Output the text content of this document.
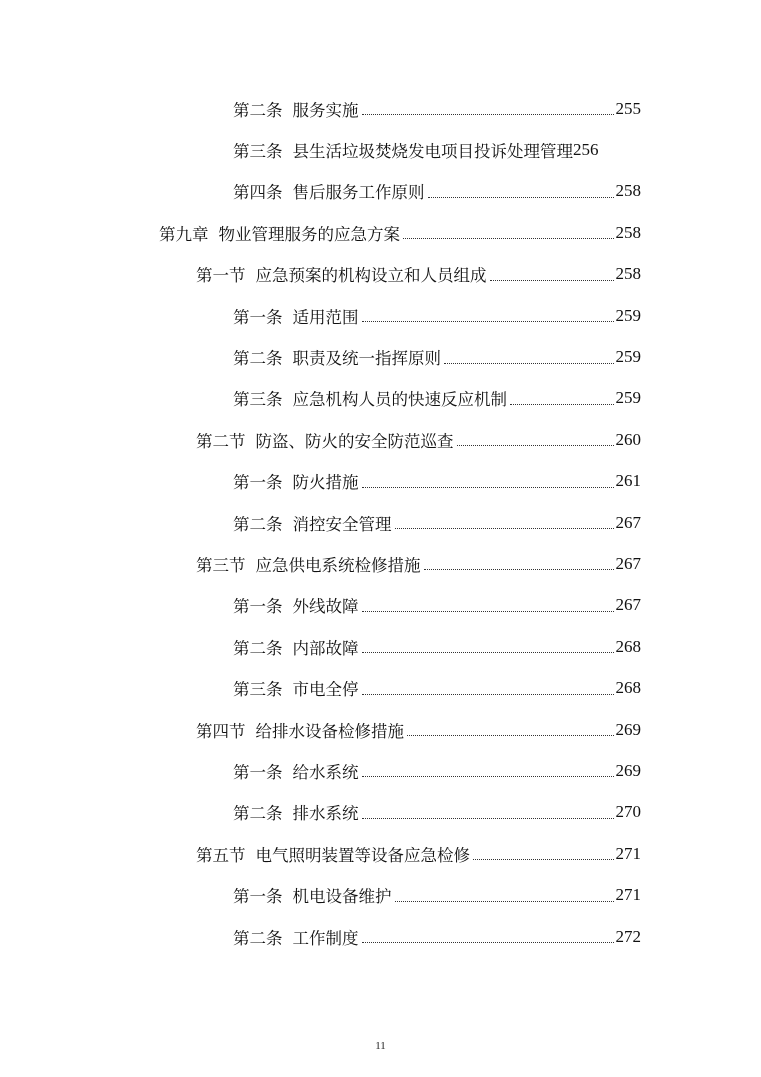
第二条 服务实施	255
第三条 县生活垃圾焚烧发电项目投诉处理管理 256
第四条 售后服务工作原则	258
第九章 物业管理服务的应急方案	258
第一节 应急预案的机构设立和人员组成	258
第一条 适用范围	259
第二条 职责及统一指挥原则	259
第三条 应急机构人员的快速反应机制	259
第二节 防盗、防火的安全防范巡查	260
第一条 防火措施	261
第二条 消控安全管理	267
第三节 应急供电系统检修措施	267
第一条 外线故障	267
第二条 内部故障	268
第三条 市电全停	268
第四节 给排水设备检修措施	269
第一条 给水系统	269
第二条 排水系统	270
第五节 电气照明装置等设备应急检修	271
第一条 机电设备维护	271
第二条 工作制度	272
11
